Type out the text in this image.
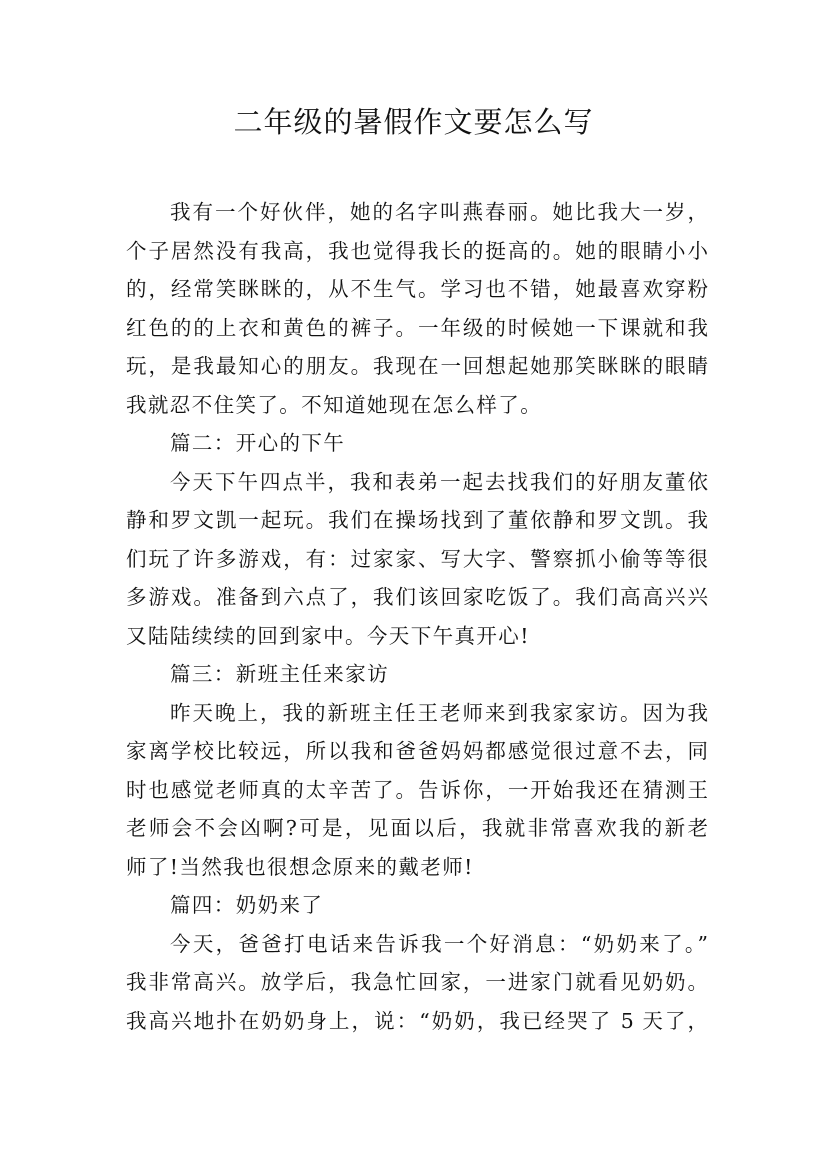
二年级的暑假作文要怎么写
我有一个好伙伴，她的名字叫燕春丽。她比我大一岁，
个子居然没有我高，我也觉得我长的挺高的。她的眼睛小小
的，经常笑眯眯的，从不生气。学习也不错，她最喜欢穿粉
红色的的上衣和黄色的裤子。一年级的时候她一下课就和我
玩，是我最知心的朋友。我现在一回想起她那笑眯眯的眼睛
我就忍不住笑了。不知道她现在怎么样了。
篇二：开心的下午
今天下午四点半，我和表弟一起去找我们的好朋友董依
静和罗文凯一起玩。我们在操场找到了董依静和罗文凯。我
们玩了许多游戏，有：过家家、写大字、警察抓小偷等等很
多游戏。准备到六点了，我们该回家吃饭了。我们高高兴兴
又陆陆续续的回到家中。今天下午真开心!
篇三：新班主任来家访
昨天晚上，我的新班主任王老师来到我家家访。因为我
家离学校比较远，所以我和爸爸妈妈都感觉很过意不去，同
时也感觉老师真的太辛苦了。告诉你，一开始我还在猜测王
老师会不会凶啊?可是，见面以后，我就非常喜欢我的新老
师了!当然我也很想念原来的戴老师!
篇四：奶奶来了
今天，爸爸打电话来告诉我一个好消息：“奶奶来了。”
我非常高兴。放学后，我急忙回家，一进家门就看见奶奶。
我高兴地扑在奶奶身上，说：“奶奶，我已经哭了 5 天了，
